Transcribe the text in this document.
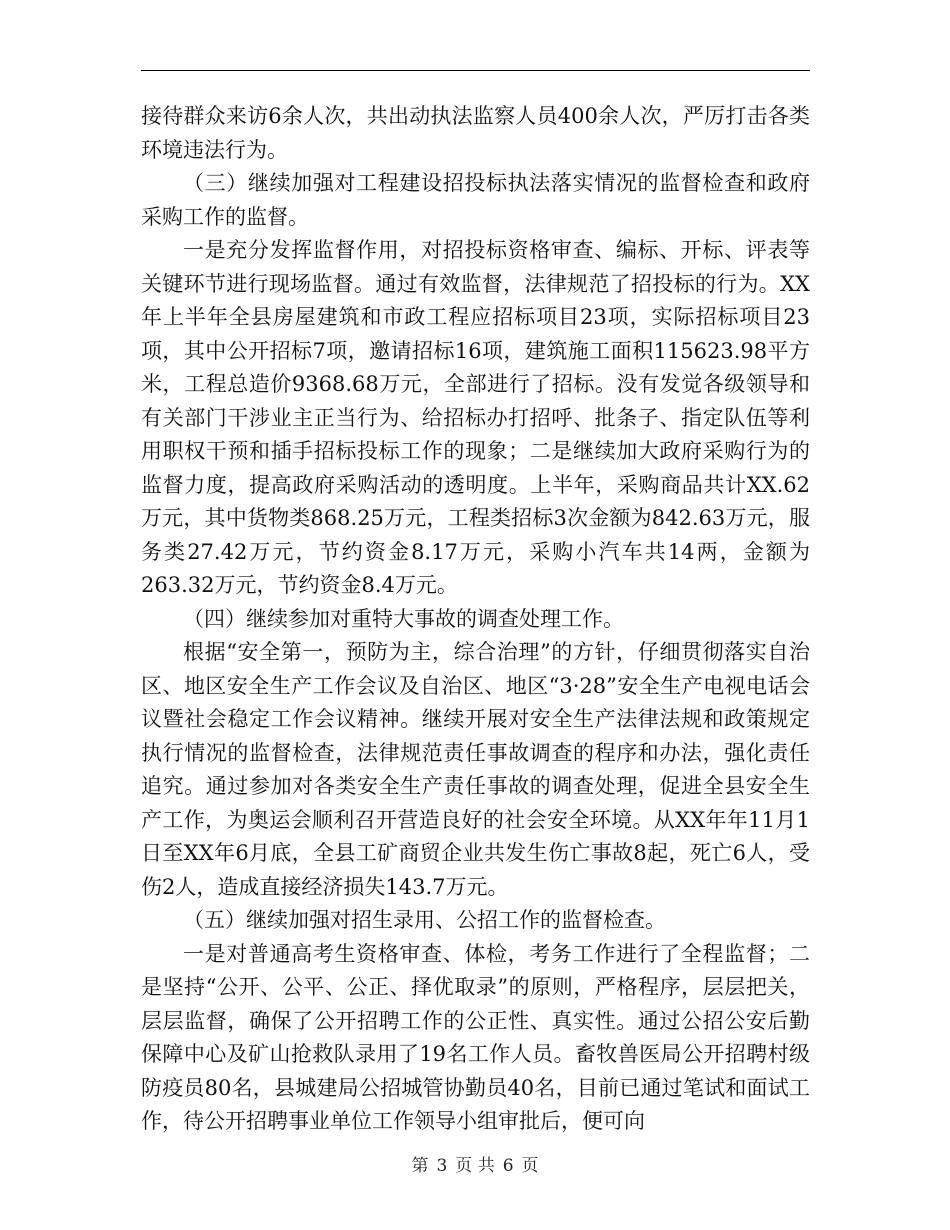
接待群众来访6余人次，共出动执法监察人员400余人次，严厉打击各类环境违法行为。

（三）继续加强对工程建设招投标执法落实情况的监督检查和政府采购工作的监督。

一是充分发挥监督作用，对招投标资格审查、编标、开标、评表等关键环节进行现场监督。通过有效监督，法律规范了招投标的行为。XX年上半年全县房屋建筑和市政工程应招标项目23项，实际招标项目23项，其中公开招标7项，邀请招标16项，建筑施工面积115623.98平方米，工程总造价9368.68万元，全部进行了招标。没有发觉各级领导和有关部门干涉业主正当行为、给招标办打招呼、批条子、指定队伍等利用职权干预和插手招标投标工作的现象；二是继续加大政府采购行为的监督力度，提高政府采购活动的透明度。上半年，采购商品共计XX.62万元，其中货物类868.25万元，工程类招标3次金额为842.63万元，服务类27.42万元，节约资金8.17万元，采购小汽车共14两，金额为263.32万元，节约资金8.4万元。

（四）继续参加对重特大事故的调查处理工作。

根据“安全第一，预防为主，综合治理”的方针，仔细贯彻落实自治区、地区安全生产工作会议及自治区、地区“3·28”安全生产电视电话会议暨社会稳定工作会议精神。继续开展对安全生产法律法规和政策规定执行情况的监督检查，法律规范责任事故调查的程序和办法，强化责任追究。通过参加对各类安全生产责任事故的调查处理，促进全县安全生产工作，为奥运会顺利召开营造良好的社会安全环境。从XX年年11月1日至XX年6月底，全县工矿商贸企业共发生伤亡事故8起，死亡6人，受伤2人，造成直接经济损失143.7万元。

（五）继续加强对招生录用、公招工作的监督检查。

一是对普通高考生资格审查、体检，考务工作进行了全程监督；二是坚持“公开、公平、公正、择优取录”的原则，严格程序，层层把关，层层监督，确保了公开招聘工作的公正性、真实性。通过公招公安后勤保障中心及矿山抢救队录用了19名工作人员。畜牧兽医局公开招聘村级防疫员80名，县城建局公招城管协勤员40名，目前已通过笔试和面试工作，待公开招聘事业单位工作领导小组审批后，便可向

第 3 页 共 6 页
